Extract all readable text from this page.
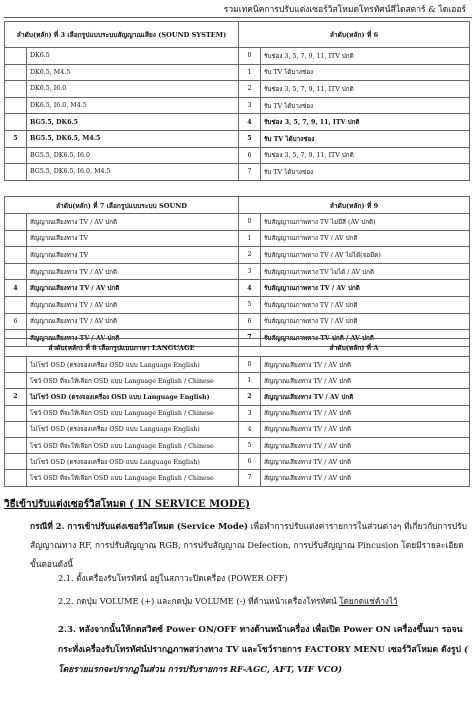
รวมเทคนิคการปรับแต่งเซอร์วิสโหมดโทรทัศน์สีไดสตาร์ & ไดเออร์
ลำดับ(หลัก) ที่ 3 เลือกรูปแบบระบบสัญญาณเสียง (SOUND SYSTEM)		ลำดับ(หลัก) ที่ 6	
	DK6.5	0	รับช่อง 3, 5, 7, 9, 11, ITV ปกติ
	DK6.5, M4.5	1	รับ TV ได้บางช่อง
	DK6.5, I6.0	2	รับช่อง 3, 5, 7, 9, 11, ITV ปกติ
	DK6.5, I6.0, M4.5	3	รับ TV ได้บางช่อง
	BG5.5, DK6.5	4	รับช่อง 3, 5, 7, 9, 11, ITV ปกติ
5	BG5.5, DK6.5, M4.5	5	รับ TV ได้บางช่อง
	BG5.5, DK6.5, I6.0	6	รับช่อง 3, 5, 7, 9, 11, ITV ปกติ
	BG5.5, DK6.5, I6.0, M4.5	7	รับ TV ได้บางช่อง
ลำดับ(หลัก) ที่ 7 เลือกรูปแบบระบบ SOUND		ลำดับ(หลัก) ที่ 9	
	สัญญาณเสียงทาง TV / AV ปกติ	0	รับสัญญาณภาพทาง TV ไม่มีสี (AV ปกติ)
	สัญญาณเสียงทาง TV	1	รับสัญญาณภาพทาง TV / AV ปกติ
	สัญญาณเสียงทาง TV	2	รับสัญญาณภาพทาง TV / AV ไม่ได้(จอมืด)
	สัญญาณเสียงทาง TV / AV ปกติ	3	รับสัญญาณภาพทาง TV ไม่ได้ / AV ปกติ
4	สัญญาณเสียงทาง TV / AV ปกติ	4	รับสัญญาณภาพทาง TV / AV ปกติ
	สัญญาณเสียงทาง TV / AV ปกติ	5	รับสัญญาณภาพทาง TV / AV ปกติ
6	สัญญาณเสียงทาง TV / AV ปกติ	6	รับสัญญาณภาพทาง TV / AV ปกติ
	สัญญาณเสียงทาง TV / AV ปกติ	7	รับสัญญาณภาพทาง TV ปกติ / AV ปกติ
ลำดับ(หลัก) ที่ 8 เลือกรูปแบบภาษา LANGUAGE		ลำดับ(หลัก) ที่ A	
	ไม่โชว์ OSD (ตรงจองเครื่อง OSD แบบ Language English)	0	สัญญาณเสียงทาง TV / AV ปกติ
	โชว์ OSD ที่จะให้เลือก OSD แบบ Language English / Chinese	1	สัญญาณเสียงทาง TV / AV ปกติ
2	ไม่โชว์ OSD (ตรงจองเครื่อง OSD แบบ Language English)	2	สัญญาณเสียงทาง TV / AV ปกติ
	โชว์ OSD ที่จะให้เลือก OSD แบบ Language English / Chinese	3	สัญญาณเสียงทาง TV / AV ปกติ
	ไม่โชว์ OSD (ตรงจองเครื่อง OSD แบบ Language English)	4	สัญญาณเสียงทาง TV / AV ปกติ
	โชว์ OSD ที่จะให้เลือก OSD แบบ Language English / Chinese	5	สัญญาณเสียงทาง TV / AV ปกติ
	ไม่โชว์ OSD (ตรงจองเครื่อง OSD แบบ Language English)	6	สัญญาณเสียงทาง TV / AV ปกติ
	โชว์ OSD ที่จะให้เลือก OSD แบบ Language English / Chinese	7	สัญญาณเสียงทาง TV / AV ปกติ
วิธีเข้าปรับแต่งเซอร์วิสโหมด ( IN SERVICE MODE)
กรณีที่ 2. การเข้าปรับแต่งเซอร์วิสโหมด (Service Mode) เพื่อทำการปรับแต่งค่ารายการในส่วนต่างๆ ที่เกี่ยวกับการปรับสัญญาณทาง RF, การปรับสัญญาณ RGB, การปรับสัญญาณ Defection, การปรับสัญญาณ Pincusion โดยมีรายละเอียดขั้นตอนดังนี้
2.1. ตั้งเครื่องรับโทรทัศน์ อยู่ในสภาวะปิดเครื่อง (POWER OFF)
2.2. กดปุ่ม VOLUME (+) และกดปุ่ม VOLUME (-) ที่ด้านหน้าเครื่องโทรทัศน์ โดยกดแช่ค้างไว้
2.3. หลังจากนั้นให้กดสวิตซ์ Power ON/OFF ทางด้านหน้าเครื่อง เพื่อเปิด Power ON เครื่องขึ้นมา รอจนกระทั่งเครื่องรับโทรทัศน์ปรากฏภาพสว่างทาง TV และโชว์รายการ FACTORY MENU เซอร์วิสโหมด ดังรูป ( โดยรายแรกจะปรากฏในส่วน การปรับรายการ RF-AGC, AFT, VIF VCO)
